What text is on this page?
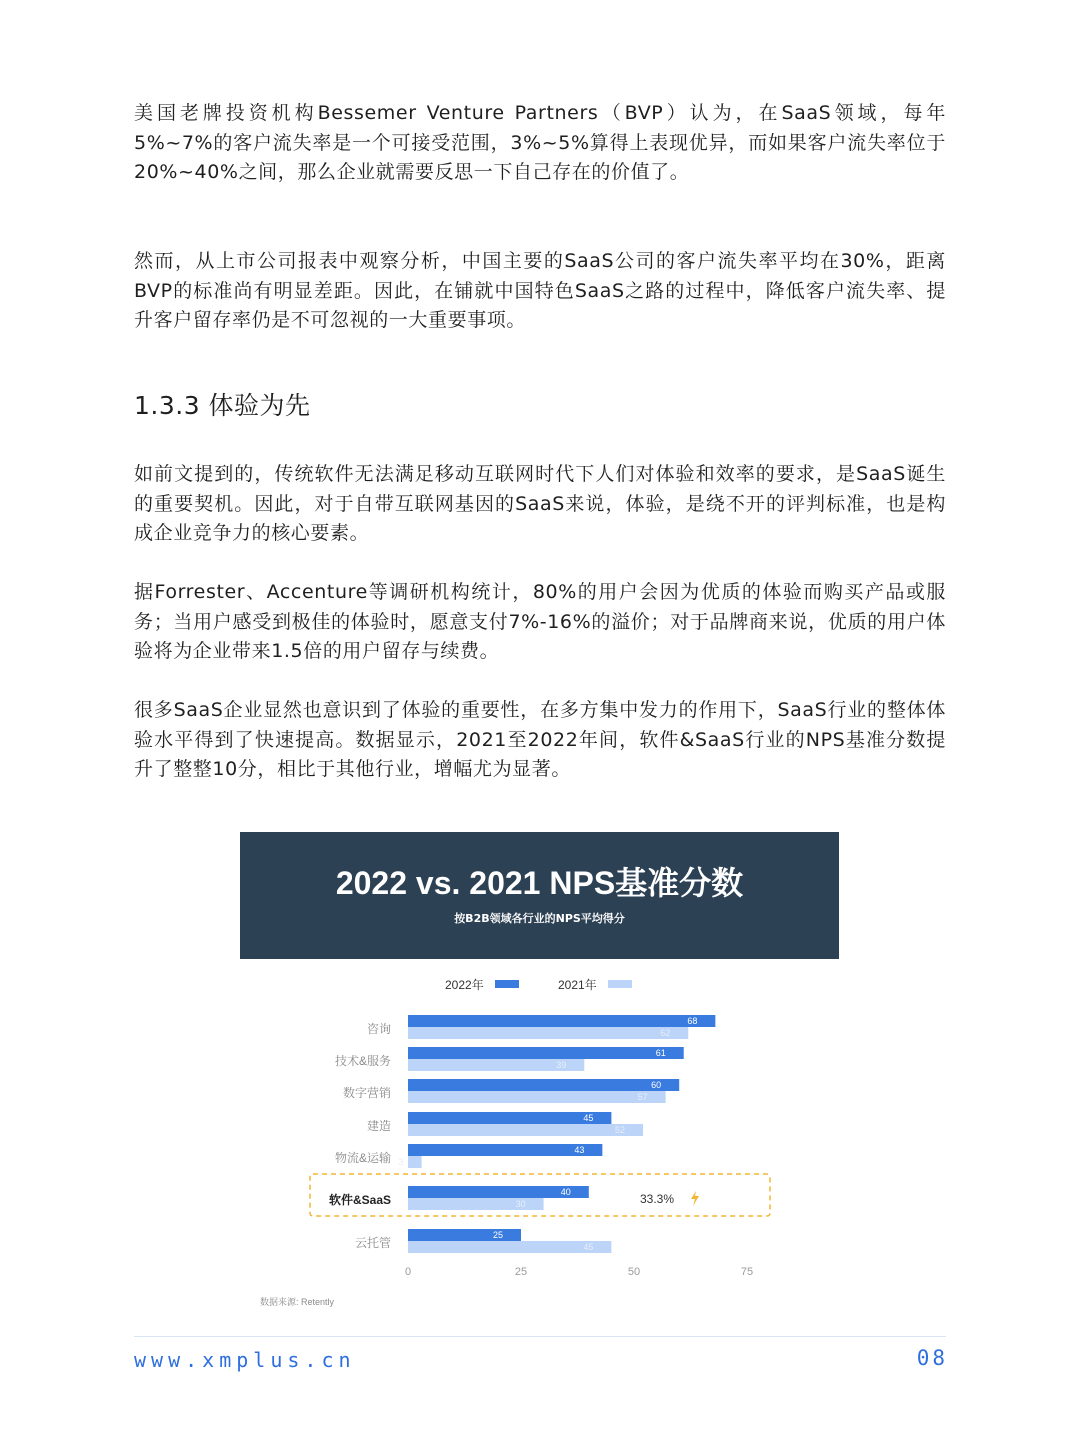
美国老牌投资机构Bessemer Venture Partners（BVP）认为，在SaaS领域，每年5%~7%的客户流失率是一个可接受范围，3%~5%算得上表现优异，而如果客户流失率位于20%~40%之间，那么企业就需要反思一下自己存在的价值了。

然而，从上市公司报表中观察分析，中国主要的SaaS公司的客户流失率平均在30%，距离BVP的标准尚有明显差距。因此，在铺就中国特色SaaS之路的过程中，降低客户流失率、提升客户留存率仍是不可忽视的一大重要事项。

1.3.3 体验为先

如前文提到的，传统软件无法满足移动互联网时代下人们对体验和效率的要求，是SaaS诞生的重要契机。因此，对于自带互联网基因的SaaS来说，体验，是绕不开的评判标准，也是构成企业竞争力的核心要素。

据Forrester、Accenture等调研机构统计，80%的用户会因为优质的体验而购买产品或服务；当用户感受到极佳的体验时，愿意支付7%-16%的溢价；对于品牌商来说，优质的用户体验将为企业带来1.5倍的用户留存与续费。

很多SaaS企业显然也意识到了体验的重要性，在多方集中发力的作用下，SaaS行业的整体体验水平得到了快速提高。数据显示，2021至2022年间，软件&SaaS行业的NPS基准分数提升了整整10分，相比于其他行业，增幅尤为显著。

2022 vs. 2021 NPS基准分数
按B2B领域各行业的NPS平均得分
2022年	2021年
33.3%
咨询
68
62
技术&服务
61
39
数字营销
60
57
建造
45
52
物流&运输
43
3
软件&SaaS
40
30
云托管
25
45
0	25	50	75
数据来源: Retently
www.xmplus.cn	08
